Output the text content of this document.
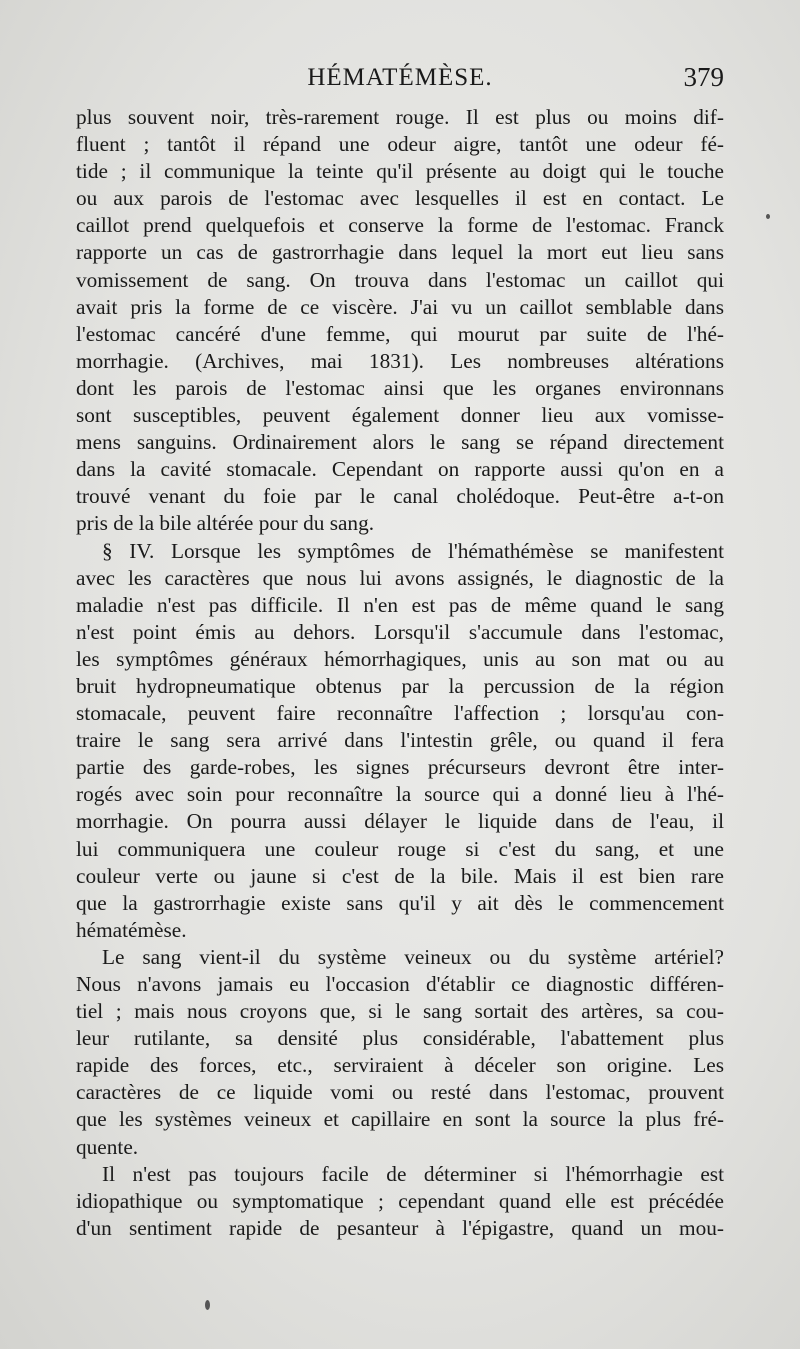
HÉMATÉMÈSE.	379
plus souvent noir, très-rarement rouge. Il est plus ou moins dif-
fluent ; tantôt il répand une odeur aigre, tantôt une odeur fé-
tide ; il communique la teinte qu'il présente au doigt qui le touche
ou aux parois de l'estomac avec lesquelles il est en contact. Le
caillot prend quelquefois et conserve la forme de l'estomac. Franck
rapporte un cas de gastrorrhagie dans lequel la mort eut lieu sans
vomissement de sang. On trouva dans l'estomac un caillot qui
avait pris la forme de ce viscère. J'ai vu un caillot semblable dans
l'estomac cancéré d'une femme, qui mourut par suite de l'hé-
morrhagie. (Archives, mai 1831). Les nombreuses altérations
dont les parois de l'estomac ainsi que les organes environnans
sont susceptibles, peuvent également donner lieu aux vomisse-
mens sanguins. Ordinairement alors le sang se répand directement
dans la cavité stomacale. Cependant on rapporte aussi qu'on en a
trouvé venant du foie par le canal cholédoque. Peut-être a-t-on
pris de la bile altérée pour du sang.
§ IV. Lorsque les symptômes de l'hémathémèse se manifestent
avec les caractères que nous lui avons assignés, le diagnostic de la
maladie n'est pas difficile. Il n'en est pas de même quand le sang
n'est point émis au dehors. Lorsqu'il s'accumule dans l'estomac,
les symptômes généraux hémorrhagiques, unis au son mat ou au
bruit hydropneumatique obtenus par la percussion de la région
stomacale, peuvent faire reconnaître l'affection ; lorsqu'au con-
traire le sang sera arrivé dans l'intestin grêle, ou quand il fera
partie des garde-robes, les signes précurseurs devront être inter-
rogés avec soin pour reconnaître la source qui a donné lieu à l'hé-
morrhagie. On pourra aussi délayer le liquide dans de l'eau, il
lui communiquera une couleur rouge si c'est du sang, et une
couleur verte ou jaune si c'est de la bile. Mais il est bien rare
que la gastrorrhagie existe sans qu'il y ait dès le commencement
hématémèse.
Le sang vient-il du système veineux ou du système artériel?
Nous n'avons jamais eu l'occasion d'établir ce diagnostic différen-
tiel ; mais nous croyons que, si le sang sortait des artères, sa cou-
leur rutilante, sa densité plus considérable, l'abattement plus
rapide des forces, etc., serviraient à déceler son origine. Les
caractères de ce liquide vomi ou resté dans l'estomac, prouvent
que les systèmes veineux et capillaire en sont la source la plus fré-
quente.
Il n'est pas toujours facile de déterminer si l'hémorrhagie est
idiopathique ou symptomatique ; cependant quand elle est précédée
d'un sentiment rapide de pesanteur à l'épigastre, quand un mou-
